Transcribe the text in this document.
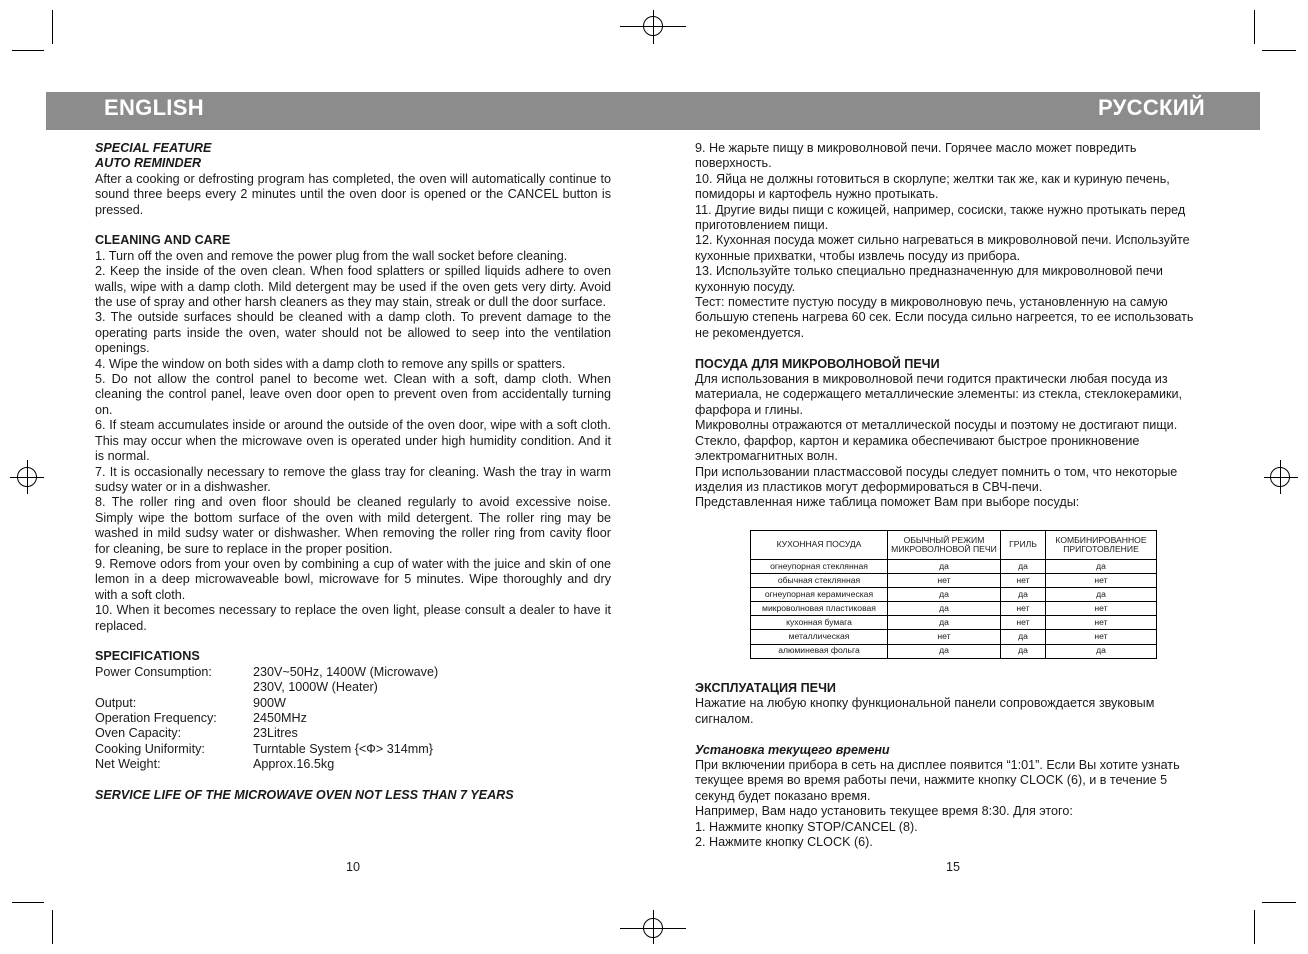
ENGLISH	РУССКИЙ

SPECIAL FEATURE

AUTO REMINDER

After a cooking or defrosting program has completed, the oven will automatically continue to sound three beeps every 2 minutes until the oven door is opened or the CANCEL button is pressed.

CLEANING AND CARE

1. Turn off the oven and remove the power plug from the wall socket before cleaning.

2. Keep the inside of the oven clean. When food splatters or spilled liquids adhere to oven walls, wipe with a damp cloth. Mild detergent may be used if the oven gets very dirty. Avoid the use of spray and other harsh cleaners as they may stain, streak or dull the door surface.

3. The outside surfaces should be cleaned with a damp cloth. To prevent damage to the operating parts inside the oven, water should not be allowed to seep into the ventilation openings.

4. Wipe the window on both sides with a damp cloth to remove any spills or spatters.

5. Do not allow the control panel to become wet. Clean with a soft, damp cloth. When cleaning the control panel, leave oven door open to prevent oven from accidentally turning on.

6. If steam accumulates inside or around the outside of the oven door, wipe with a soft cloth. This may occur when the microwave oven is operated under high humidity condition. And it is normal.

7. It is occasionally necessary to remove the glass tray for cleaning. Wash the tray in warm sudsy water or in a dishwasher.

8. The roller ring and oven floor should be cleaned regularly to avoid excessive noise. Simply wipe the bottom surface of the oven with mild detergent. The roller ring may be washed in mild sudsy water or dishwasher. When removing the roller ring from cavity floor for cleaning, be sure to replace in the proper position.

9. Remove odors from your oven by combining a cup of water with the juice and skin of one lemon in a deep microwaveable bowl, microwave for 5 minutes. Wipe thoroughly and dry with a soft cloth.

10. When it becomes necessary to replace the oven light, please consult a dealer to have it replaced.

SPECIFICATIONS

Power Consumption:	230V~50Hz, 1400W (Microwave)
230V, 1000W (Heater)
Output:	900W
Operation Frequency:	2450MHz
Oven Capacity:	23Litres
Cooking Uniformity:	Turntable System {<Ф> 314mm}
Net Weight:	Approx.16.5kg

SERVICE LIFE OF THE MICROWAVE OVEN NOT LESS THAN 7 YEARS

10

9. Не жарьте пищу в микроволновой печи. Горячее масло может повредить поверхность.

10. Яйца не должны готовиться в скорлупе; желтки так же, как и куриную печень, помидоры и картофель нужно протыкать.

11. Другие виды пищи с кожицей, например, сосиски, также нужно протыкать перед приготовлением пищи.

12. Кухонная посуда может сильно нагреваться в микроволновой печи. Используйте кухонные прихватки, чтобы извлечь посуду из прибора.

13. Используйте только специально предназначенную для микроволновой печи кухонную посуду.

Тест: поместите пустую посуду в микроволновую печь, установленную на самую большую степень нагрева 60 сек. Если посуда сильно нагреется, то ее использовать не рекомендуется.

ПОСУДА ДЛЯ МИКРОВОЛНОВОЙ ПЕЧИ

Для использования в микроволновой печи годится практически любая посуда из материала, не содержащего металлические элементы: из стекла, стеклокерамики, фарфора и глины.

Микроволны отражаются от металлической посуды и поэтому не достигают пищи. Стекло, фарфор, картон и керамика обеспечивают быстрое проникновение электромагнитных волн.

При использовании пластмассовой посуды следует помнить о том, что некоторые изделия из пластиков могут деформироваться в СВЧ-печи.

Представленная ниже таблица поможет Вам при выборе посуды:

КУХОННАЯ ПОСУДА	ОБЫЧНЫЙ РЕЖИМ МИКРОВОЛНОВОЙ ПЕЧИ	ГРИЛЬ	КОМБИНИРОВАННОЕ ПРИГОТОВЛЕНИЕ
огнеупорная стеклянная	да	да	да
обычная стеклянная	нет	нет	нет
огнеупорная керамическая	да	да	да
микроволновая пластиковая	да	нет	нет
кухонная бумага	да	нет	нет
металлическая	нет	да	нет
алюминевая фольга	да	да	да

ЭКСПЛУАТАЦИЯ ПЕЧИ

Нажатие на любую кнопку функциональной панели сопровождается звуковым сигналом.

Установка текущего времени

При включении прибора в сеть на дисплее появится “1:01”. Если Вы хотите узнать текущее время во время работы печи, нажмите кнопку CLOCK (6), и в течение 5 секунд будет показано время.

Например, Вам надо установить текущее время 8:30. Для этого:

1. Нажмите кнопку STOP/CANCEL (8).

2. Нажмите кнопку CLOCK (6).

15
